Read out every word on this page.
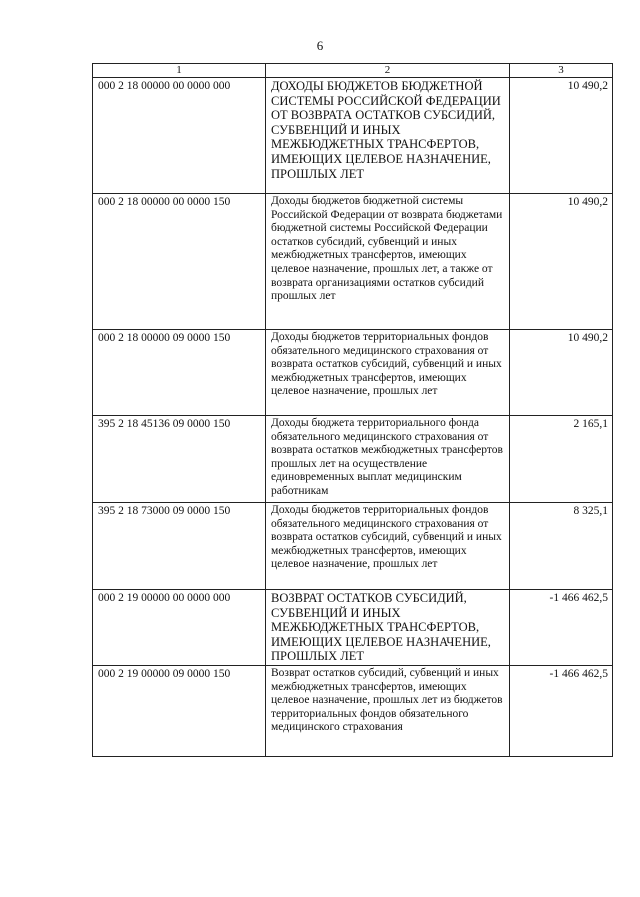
6
1	2	3
000 2 18 00000 00 0000 000	ДОХОДЫ БЮДЖЕТОВ БЮДЖЕТНОЙ СИСТЕМЫ РОССИЙСКОЙ ФЕДЕРАЦИИ ОТ ВОЗВРАТА ОСТАТКОВ СУБСИДИЙ, СУБВЕНЦИЙ И ИНЫХ МЕЖБЮДЖЕТНЫХ ТРАНСФЕРТОВ, ИМЕЮЩИХ ЦЕЛЕВОЕ НАЗНАЧЕНИЕ, ПРОШЛЫХ ЛЕТ	10 490,2
000 2 18 00000 00 0000 150	Доходы бюджетов бюджетной системы Российской Федерации от возврата бюджетами бюджетной системы Российской Федерации остатков субсидий, субвенций и иных межбюджетных трансфертов, имеющих целевое назначение, прошлых лет, а также от возврата организациями остатков субсидий прошлых лет	10 490,2
000 2 18 00000 09 0000 150	Доходы бюджетов территориальных фондов обязательного медицинского страхования от возврата остатков субсидий, субвенций и иных межбюджетных трансфертов, имеющих целевое назначение, прошлых лет	10 490,2
395 2 18 45136 09 0000 150	Доходы бюджета территориального фонда обязательного медицинского страхования от возврата остатков межбюджетных трансфертов прошлых лет на осуществление единовременных выплат медицинским работникам	2 165,1
395 2 18 73000 09 0000 150	Доходы бюджетов территориальных фондов обязательного медицинского страхования от возврата остатков субсидий, субвенций и иных межбюджетных трансфертов, имеющих целевое назначение, прошлых лет	8 325,1
000 2 19 00000 00 0000 000	ВОЗВРАТ ОСТАТКОВ СУБСИДИЙ, СУБВЕНЦИЙ И ИНЫХ МЕЖБЮДЖЕТНЫХ ТРАНСФЕРТОВ, ИМЕЮЩИХ ЦЕЛЕВОЕ НАЗНАЧЕНИЕ, ПРОШЛЫХ ЛЕТ	-1 466 462,5
000 2 19 00000 09 0000 150	Возврат остатков субсидий, субвенций и иных межбюджетных трансфертов, имеющих целевое назначение, прошлых лет из бюджетов территориальных фондов обязательного медицинского страхования	-1 466 462,5
